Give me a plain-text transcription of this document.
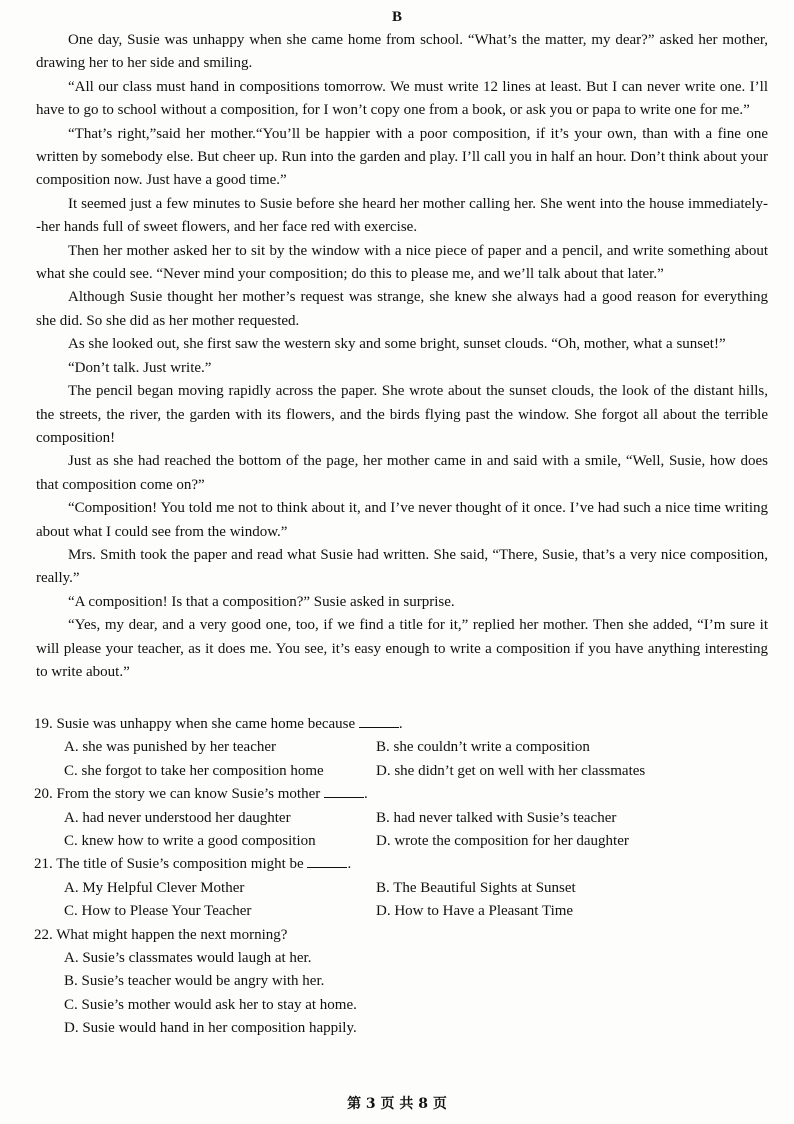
B

One day, Susie was unhappy when she came home from school. “What’s the matter, my dear?” asked her mother, drawing her to her side and smiling.

“All our class must hand in compositions tomorrow. We must write 12 lines at least. But I can never write one. I’ll have to go to school without a composition, for I won’t copy one from a book, or ask you or papa to write one for me.”

“That’s right,”said her mother.“You’ll be happier with a poor composition, if it’s your own, than with a fine one written by somebody else. But cheer up. Run into the garden and play. I’ll call you in half an hour. Don’t think about your composition now. Just have a good time.”

It seemed just a few minutes to Susie before she heard her mother calling her. She went into the house immediately--her hands full of sweet flowers, and her face red with exercise.

Then her mother asked her to sit by the window with a nice piece of paper and a pencil, and write something about what she could see. “Never mind your composition; do this to please me, and we’ll talk about that later.”

Although Susie thought her mother’s request was strange, she knew she always had a good reason for everything she did. So she did as her mother requested.

As she looked out, she first saw the western sky and some bright, sunset clouds. “Oh, mother, what a sunset!”

“Don’t talk. Just write.”

The pencil began moving rapidly across the paper. She wrote about the sunset clouds, the look of the distant hills, the streets, the river, the garden with its flowers, and the birds flying past the window. She forgot all about the terrible composition!

Just as she had reached the bottom of the page, her mother came in and said with a smile, “Well, Susie, how does that composition come on?”

“Composition! You told me not to think about it, and I’ve never thought of it once. I’ve had such a nice time writing about what I could see from the window.”

Mrs. Smith took the paper and read what Susie had written. She said, “There, Susie, that’s a very nice composition, really.”

“A composition! Is that a composition?” Susie asked in surprise.

“Yes, my dear, and a very good one, too, if we find a title for it,” replied her mother. Then she added, “I’m sure it will please your teacher, as it does me. You see, it’s easy enough to write a composition if you have anything interesting to write about.”

19. Susie was unhappy when she came home because	.
A. she was punished by her teacher	B. she couldn’t write a composition
C. she forgot to take her composition home	D. she didn’t get on well with her classmates
20. From the story we can know Susie’s mother	.
A. had never understood her daughter	B. had never talked with Susie’s teacher
C. knew how to write a good composition	D. wrote the composition for her daughter
21. The title of Susie’s composition might be	.
A. My Helpful Clever Mother	B. The Beautiful Sights at Sunset
C. How to Please Your Teacher	D. How to Have a Pleasant Time
22. What might happen the next morning?
A. Susie’s classmates would laugh at her.
B. Susie’s teacher would be angry with her.
C. Susie’s mother would ask her to stay at home.
D. Susie would hand in her composition happily.
第 3 页 共 8 页
